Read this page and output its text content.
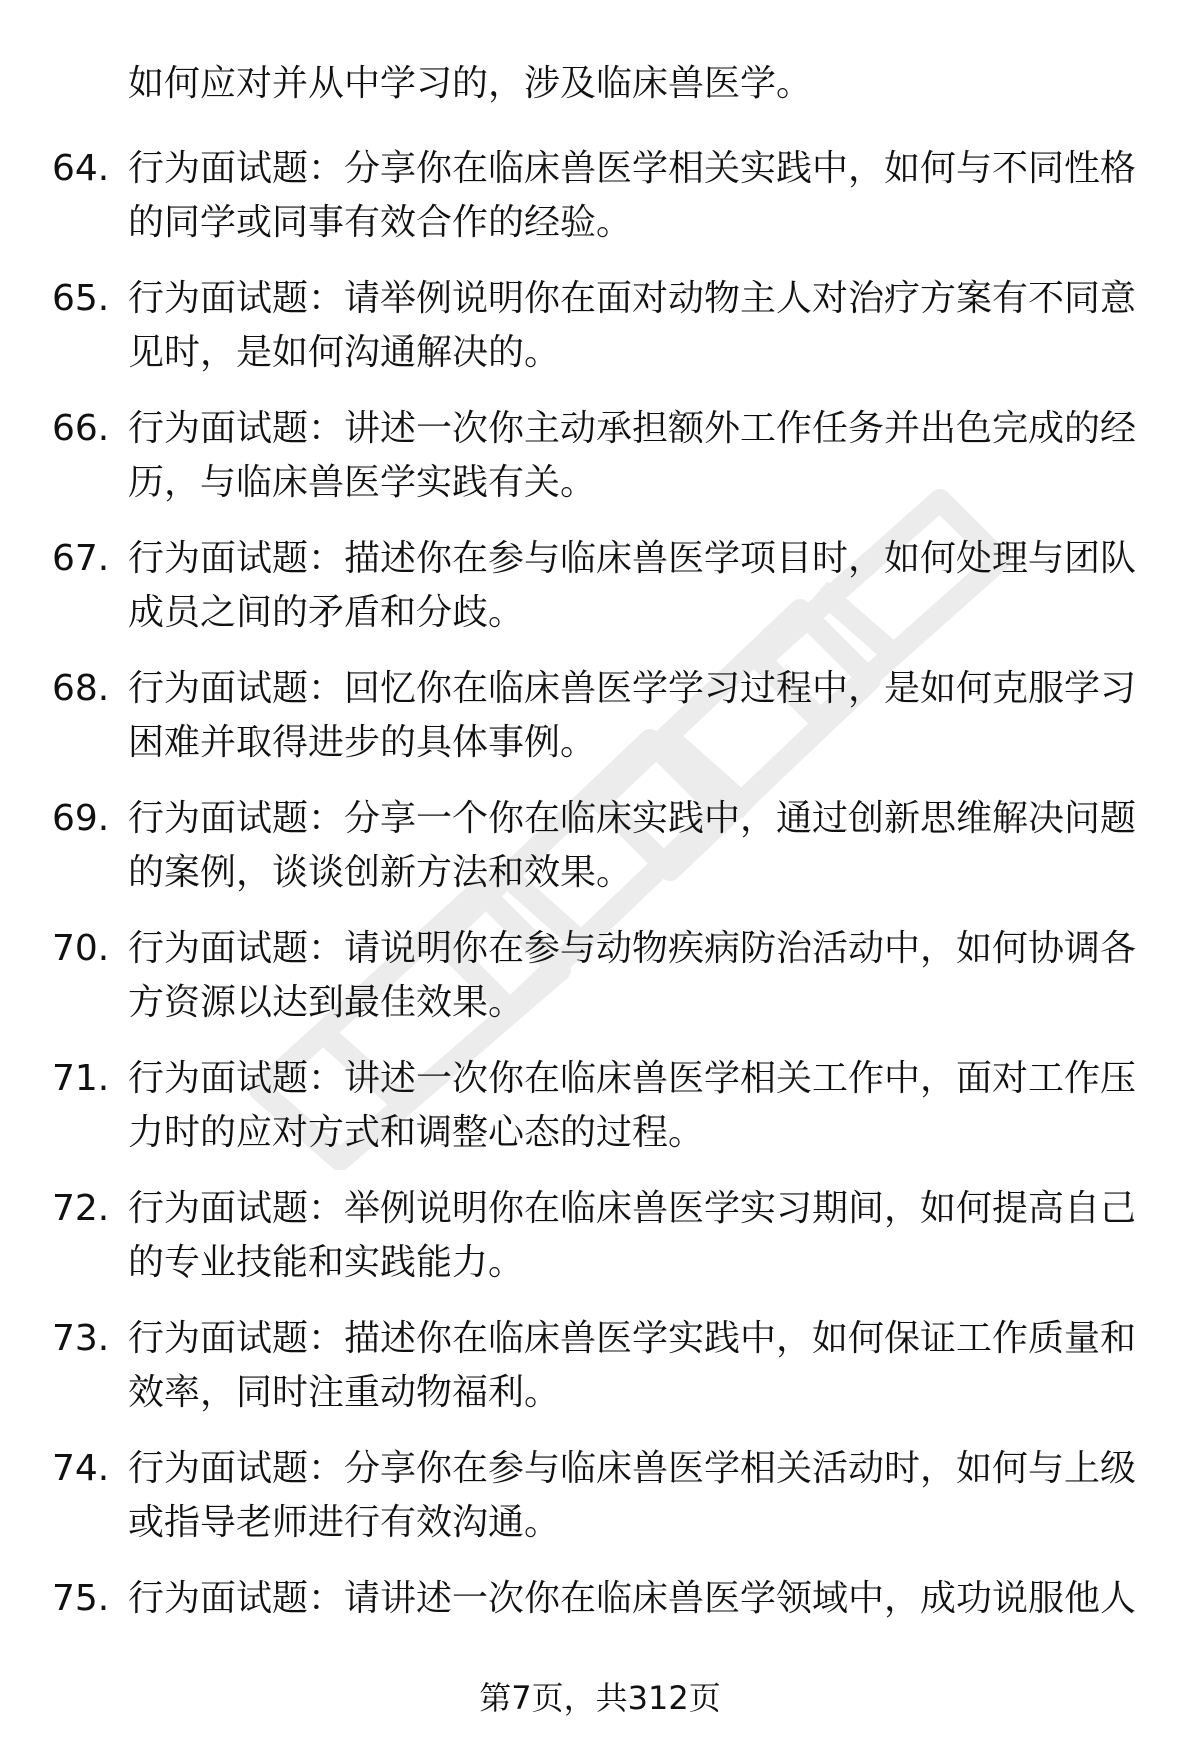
如何应对并从中学习的，涉及临床兽医学。
64. 行为面试题：分享你在临床兽医学相关实践中，如何与不同性格
的同学或同事有效合作的经验。
65. 行为面试题：请举例说明你在面对动物主人对治疗方案有不同意
见时，是如何沟通解决的。
66. 行为面试题：讲述一次你主动承担额外工作任务并出色完成的经
历，与临床兽医学实践有关。
67. 行为面试题：描述你在参与临床兽医学项目时，如何处理与团队
成员之间的矛盾和分歧。
68. 行为面试题：回忆你在临床兽医学学习过程中，是如何克服学习
困难并取得进步的具体事例。
69. 行为面试题：分享一个你在临床实践中，通过创新思维解决问题
的案例，谈谈创新方法和效果。
70. 行为面试题：请说明你在参与动物疾病防治活动中，如何协调各
方资源以达到最佳效果。
71. 行为面试题：讲述一次你在临床兽医学相关工作中，面对工作压
力时的应对方式和调整心态的过程。
72. 行为面试题：举例说明你在临床兽医学实习期间，如何提高自己
的专业技能和实践能力。
73. 行为面试题：描述你在临床兽医学实践中，如何保证工作质量和
效率，同时注重动物福利。
74. 行为面试题：分享你在参与临床兽医学相关活动时，如何与上级
或指导老师进行有效沟通。
75. 行为面试题：请讲述一次你在临床兽医学领域中，成功说服他人
第7页，共312页
